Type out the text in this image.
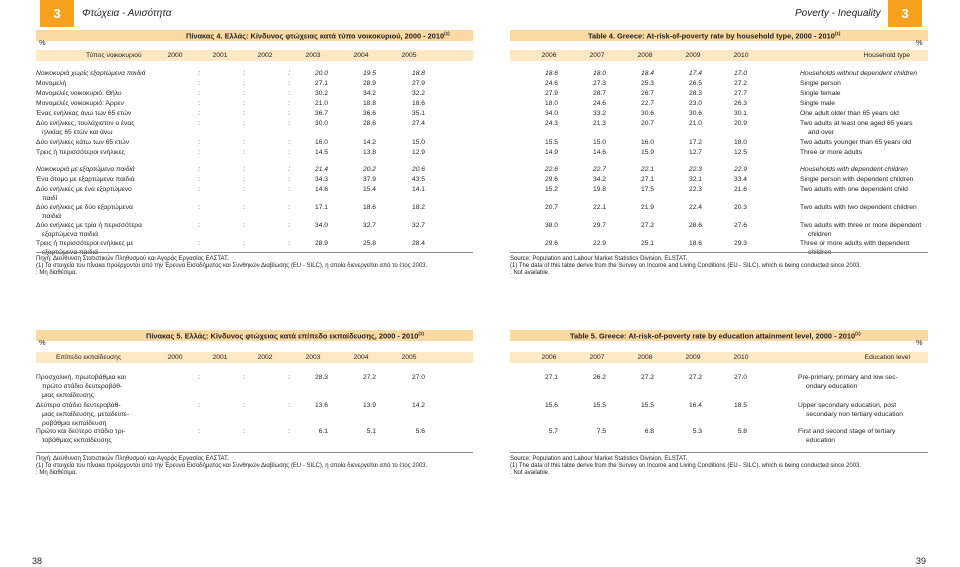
3	Φτώχεια - Ανισότητα	Poverty - Inequality	3
%
Πίνακας 4. Ελλάς: Κίνδυνος φτώχειας κατά τύπο νοικοκυριού, 2000 - 2010$^{(1)}$
Τύπος νοικοκυριού	2000	2001	2002	2003	2004	2005
Νοικοκυριά χωρίς εξαρτώμενα παιδιά	:	:	:	20.0	19.5	18.8
Μονομελή	:	:	:	27.1	28.9	27.9
Μονομελές νοικοκυριό: Θήλυ	:	:	:	30.2	34.2	32.2
Μονομελές νοικοκυριό: Άρρεν	:	:	:	21.0	18.8	18.6
Ένας ενήλικας άνω των 65 ετών	:	:	:	36.7	36.6	35.1
Δύο ενήλικες, τουλάχιστον ο ένας
ηλικίας 65 ετών και άνω
:	:	:	30.0	28.6	27.4
Δύο ενήλικες κάτω των 65 ετών	:	:	:	16.0	14.2	15.0
Τρεις ή περισσότεροι ενήλικες	:	:	:	14.5	13.8	12.9
Νοικοκυριά με εξαρτώμενα παιδιά	:	:	:	21.4	20.2	20.6
Ένα άτομο με εξαρτώμενα παιδιά	:	:	:	34.3	37.9	43.5
Δύο ενήλικες με ένα εξαρτώμενο
παιδί
:	:	:	14.6	15.4	14.1
Δύο ενήλικες με δύο εξαρτώμενα
παιδιά
:	:	:	17.1	18.6	18.2
Δύο ενήλικες με τρία ή περισσότερα
εξαρτώμενα παιδιά
:	:	:	34.0	32.7	32.7
Τρεις ή περισσότεροι ενήλικες με
εξαρτώμενα παιδιά
:	:	:	28.9	25.8	28.4
Πηγή: Διεύθυνση Στατιστικών Πληθυσμού και Αγοράς Εργασίας ΕΛΣΤΑΤ.
(1) Τα στοιχεία του πίνακα προέρχονται από την Έρευνα Εισοδήματος και Συνθηκών Διαβίωσης (EU - SILC), η οποία διενεργείται από το έτος 2003.
: Μη διαθέσιμα.
Table 4. Greece: At-risk-of-poverty rate by household type, 2000 - 2010$^{(1)}$
%
Household type
2006	2007	2008	2009	2010
Households without dependent children
18.6	18.0	18.4	17.4	17.0
Single person
24.6	27.3	25.3	26.5	27.2
Single female
27.9	28.7	26.7	28.3	27.7
Single male
18.0	24.6	22.7	23.0	26.3
One adult older than 65 years old
34.0	33.2	30.6	30.6	30.1
Two adults at least one aged 65 years
and over
24.3	21.3	20.7	21.0	20.9
Two adults younger than 65 years old
15.5	15.0	16.0	17.2	18.0
Three or more adults
14.9	14.6	15.9	12.7	12.5
Households with dependent children
22.6	22.7	22.1	22.3	22.9
Single person with dependent children
29.6	34.2	27.1	32.1	33.4
Two adults with one dependent child
15.2	19.8	17.5	22.3	21.6
Two adults with two dependent children
20.7	22.1	21.9	22.4	20.3
Two adults with three or more dependent
children
38.0	29.7	27.2	28.6	27.6
Three or more adults with dependent
children
29.6	22.9	25.1	18.6	29.3
Source: Population and Labour Market Statistics Division, ELSTAT.
(1) The data of this table derive from the Survey on Income and Living Conditions (EU - SILC), which is being conducted since 2003.
: Not available.
%
Πίνακας 5. Ελλάς: Κίνδυνος φτώχειας κατά επίπεδο εκπαίδευσης, 2000 - 2010$^{(1)}$
Επίπεδο εκπαίδευσης	2000	2001	2002	2003	2004	2005
Προσχολική, πρωτοβάθμια και
πρώτο στάδιο δευτεροβάθ-
μιας εκπαίδευσης
:	:	:	28.3	27.2	27.0
Δεύτερο στάδιο δευτεροβάθ-
μιας εκπαίδευσης, μεταδευτε-
ροβάθμια εκπαίδευση
:	:	:	13.6	13.9	14.2
Πρώτο και δεύτερο στάδιο τρι-
τοβάθμιας εκπαίδευσης
:	:	:	6.1	5.1	5.6
Πηγή: Διεύθυνση Στατιστικών Πληθυσμού και Αγοράς Εργασίας ΕΛΣΤΑΤ.
(1) Τα στοιχεία του πίνακα προέρχονται από την Έρευνα Εισοδήματος και Συνθηκών Διαβίωσης (EU - SILC), η οποία διενεργείται από το έτος 2003.
: Μη διαθέσιμα.
Table 5. Greece: At-risk-of-poverty rate by education attainment level, 2000 - 2010$^{(1)}$
%
Education level
2006	2007	2008	2009	2010
Pre-primary, primary and low sec-
ondary education
27.1	26.2	27.2	27.2	27.0
Upper secondary education, post
secondary non tertiary education
15.6	15.5	15.5	16.4	18.5
First and second stage of tertiary
education
5.7	7.5	6.8	5.3	5.8
Source: Population and Labour Market Statistics Division, ELSTAT.
(1) The data of this table derive from the Survey on Income and Living Conditions (EU - SILC), which is being conducted since 2003.
: Not available.
38	39
